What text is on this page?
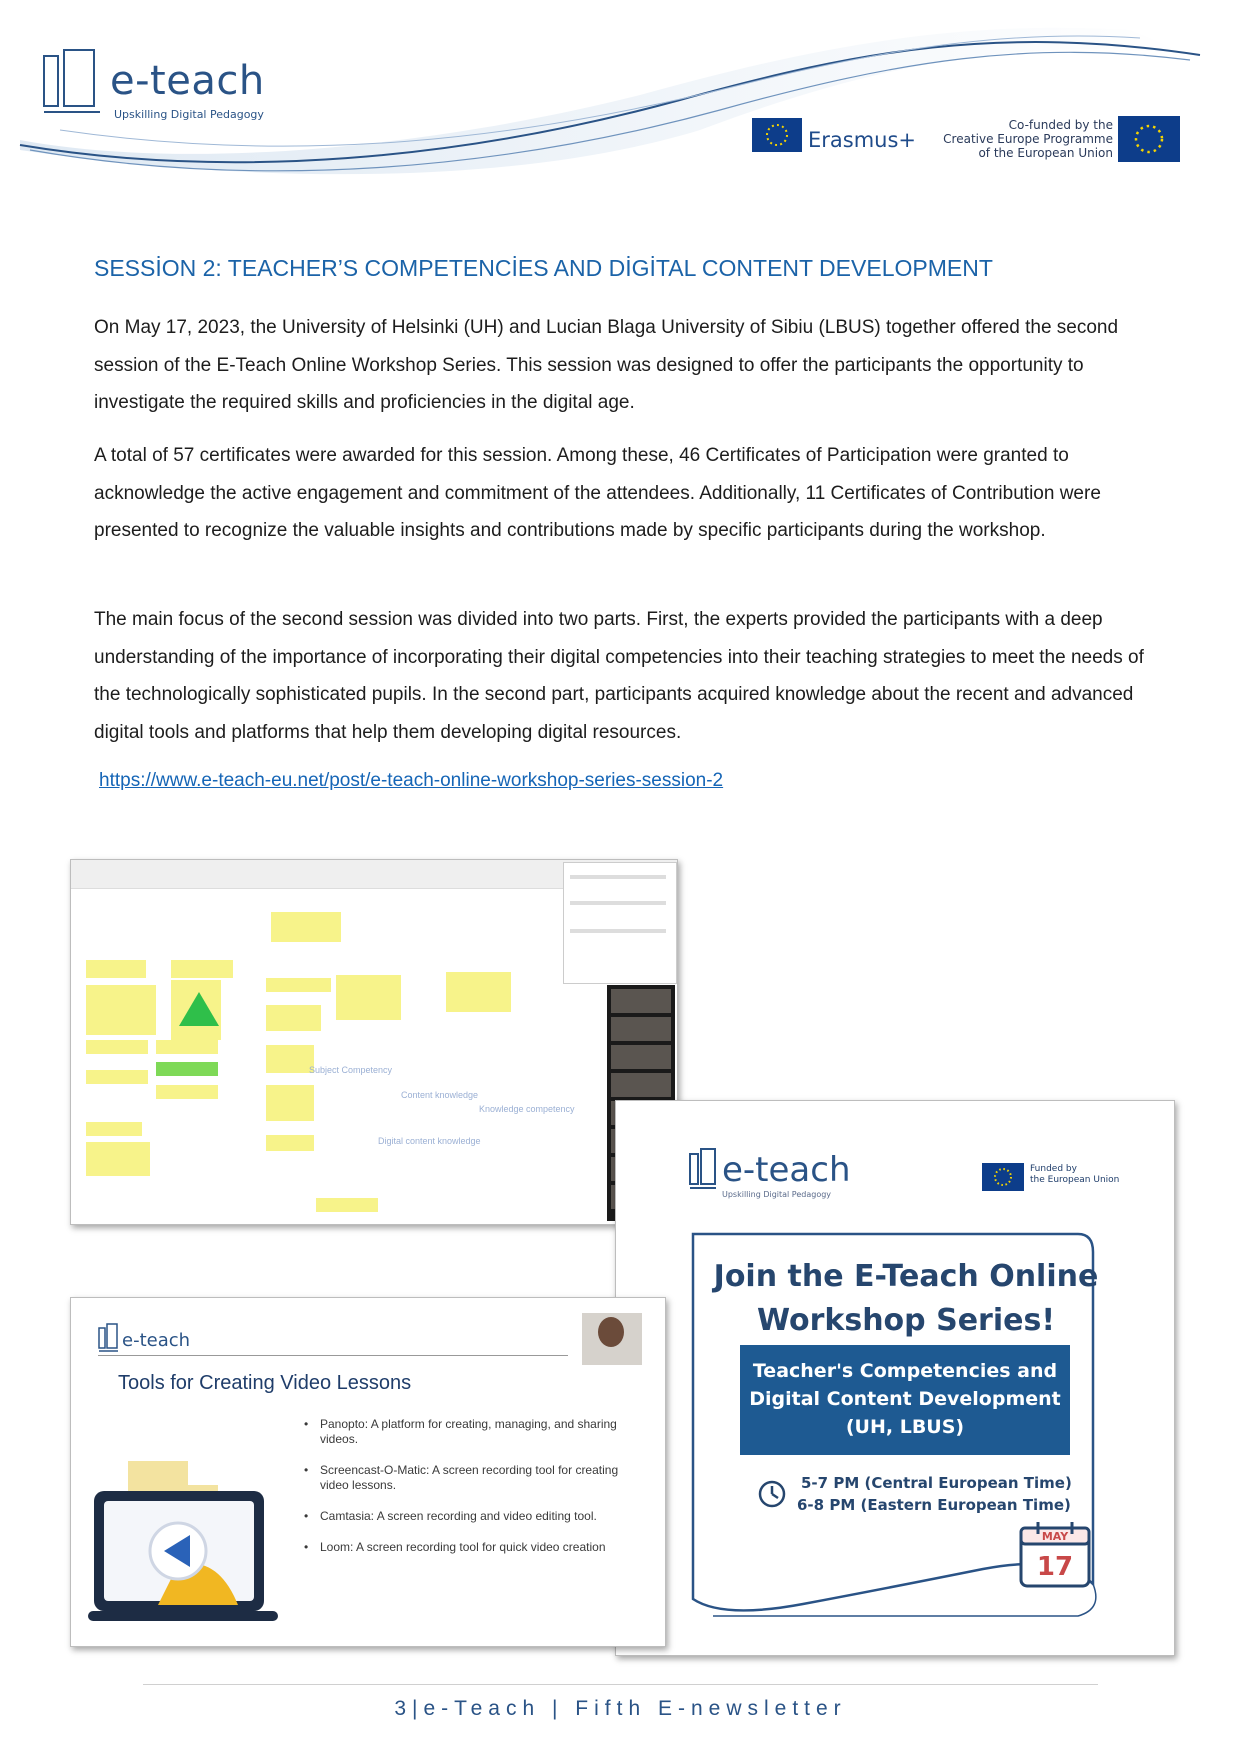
e-teach
Upskilling Digital Pedagogy
Erasmus+
Co-funded by the
Creative Europe Programme
of the European Union
SESSİON 2: TEACHER’S COMPETENCİES AND DİGİTAL CONTENT DEVELOPMENT
On May 17, 2023, the University of Helsinki (UH) and Lucian Blaga University of Sibiu (LBUS) together offered the second session of the E-Teach Online Workshop Series. This session was designed to offer the participants the opportunity to investigate the required skills and proficiencies in the digital age.
A total of 57 certificates were awarded for this session. Among these, 46 Certificates of Participation were granted to acknowledge the active engagement and commitment of the attendees. Additionally, 11 Certificates of Contribution were presented to recognize the valuable insights and contributions made by specific participants during the workshop.
The main focus of the second session was divided into two parts. First, the experts provided the participants with a deep understanding of the importance of incorporating their digital competencies into their teaching strategies to meet the needs of the technologically sophisticated pupils. In the second part, participants acquired knowledge about the recent and advanced digital tools and platforms that help them developing digital resources.
https://www.e-teach-eu.net/post/e-teach-online-workshop-series-session-2
Subject Competency
Content knowledge
Knowledge competency
Digital content knowledge
e-teach
Upskilling Digital Pedagogy
Funded by
the European Union
Join the E-Teach Online
Workshop Series!
Teacher's Competencies and
Digital Content Development
(UH, LBUS)
5-7 PM (Central European Time)
6-8 PM (Eastern European Time)
MAY
17
e-teach
Tools for Creating Video Lessons
• Panopto: A platform for creating, managing, and sharing videos.
• Screencast-O-Matic: A screen recording tool for creating video lessons.
• Camtasia: A screen recording and video editing tool.
• Loom: A screen recording tool for quick video creation
3|e-Teach | Fifth E-newsletter
